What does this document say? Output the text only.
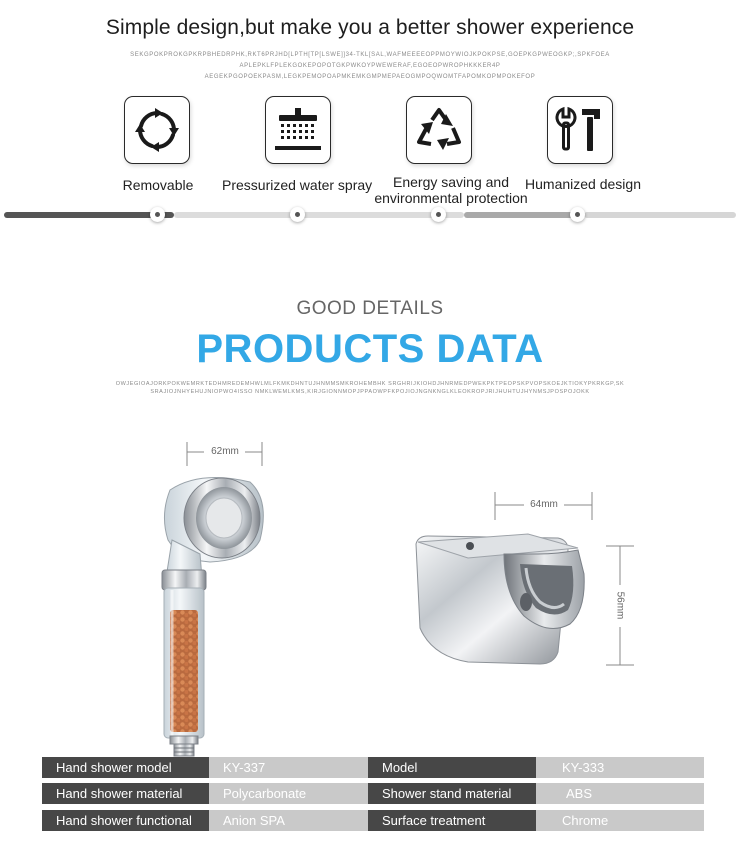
Simple design,but make you a better shower experience
SEKGPOKPROKGPKRPBHEDRPHK,RKT6PRJHD[LPTH[TP[LSWE]]34-TKL[SAL,WAFMEEEEOPPMOYWIOJKPOKPSE,GOEPKGPWEOGKP;,SPKFOEA APLEPKLFPLEKGOKEPOPOTGKPWKOYPWEWERAF,EGOEOPWROPHKKKER4P AEGEKPGOPOEKPASM,LEGKPEMOPOAPMKEMKGMPMEPAEOGMPOQWOMTFAPOMKOPMPOKEFOP
Removable	Pressurized water spray	Energy saving and environmental protection
Humanized design
GOOD DETAILS
PRODUCTS DATA
OWJEGIOAJORKPOKWEMRKTEDHMREDEMHWLMLFKMKDHNTUJHNMMSMKROHEMBHK SRGHRIJKIOHDJHNRMEDPWEKPKTPEOPSKPVOPSKOEJKTIOKYPKRKGP,SK SRAJIOJNHYEHUJNIOPWO4ISSO NMKLWEMLKMS,KIRJGIONNMOPJPPAOWPFKPOJIOJNGNKNGLKLEOKROPJRIJHUHTUJHYNMSJPOSPOJOKK
62mm
64mm
56mm
Hand shower model	KY-337	Model	KY-333
Hand shower material	Polycarbonate	Shower stand material	ABS
Hand shower functional	Anion SPA	Surface treatment	Chrome
